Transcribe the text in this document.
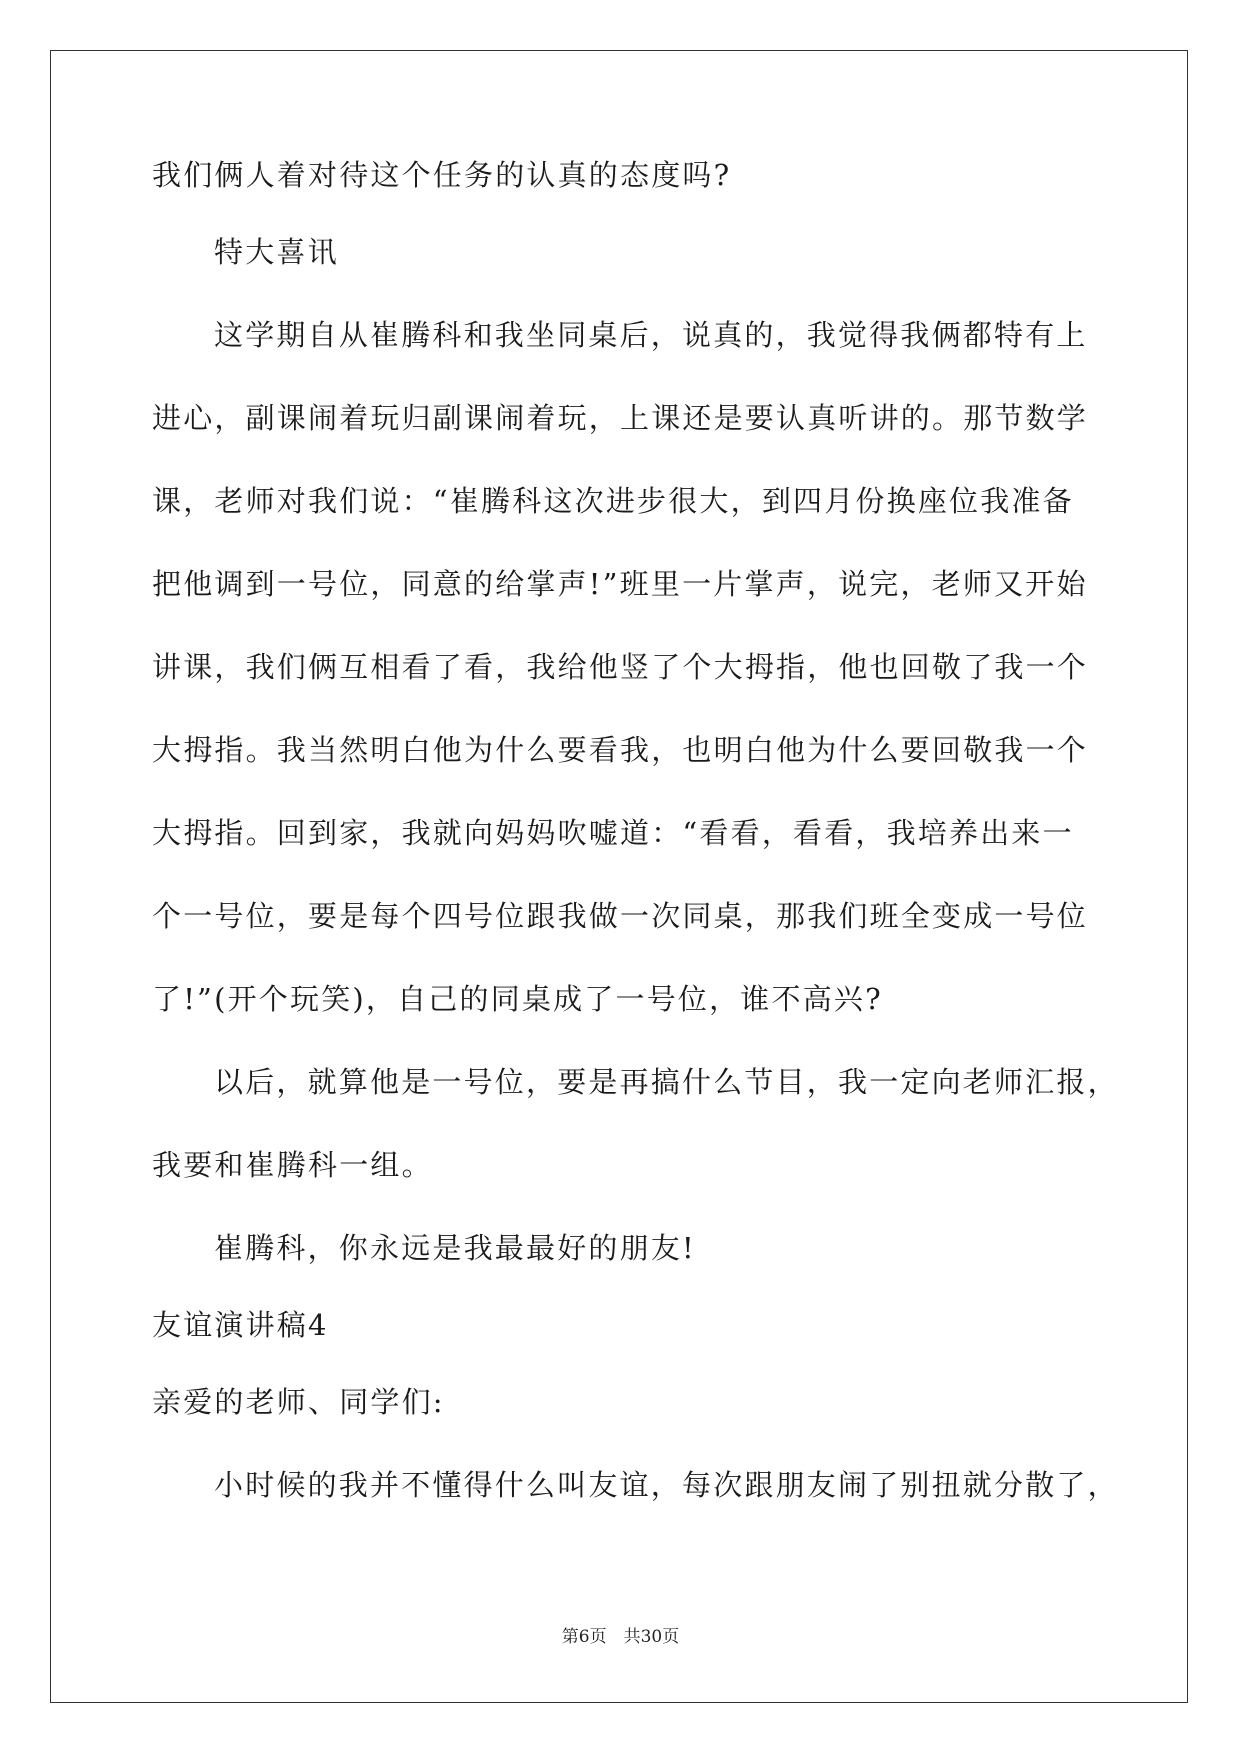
我们俩人着对待这个任务的认真的态度吗?
特大喜讯
这学期自从崔腾科和我坐同桌后，说真的，我觉得我俩都特有上
进心，副课闹着玩归副课闹着玩，上课还是要认真听讲的。那节数学
课，老师对我们说：“崔腾科这次进步很大，到四月份换座位我准备
把他调到一号位，同意的给掌声!”班里一片掌声，说完，老师又开始
讲课，我们俩互相看了看，我给他竖了个大拇指，他也回敬了我一个
大拇指。我当然明白他为什么要看我，也明白他为什么要回敬我一个
大拇指。回到家，我就向妈妈吹嘘道：“看看，看看，我培养出来一
个一号位，要是每个四号位跟我做一次同桌，那我们班全变成一号位
了!”(开个玩笑)，自己的同桌成了一号位，谁不高兴?
以后，就算他是一号位，要是再搞什么节目，我一定向老师汇报，
我要和崔腾科一组。
崔腾科，你永远是我最最好的朋友!
友谊演讲稿4
亲爱的老师、同学们:
小时候的我并不懂得什么叫友谊，每次跟朋友闹了别扭就分散了，
第6页　共30页
